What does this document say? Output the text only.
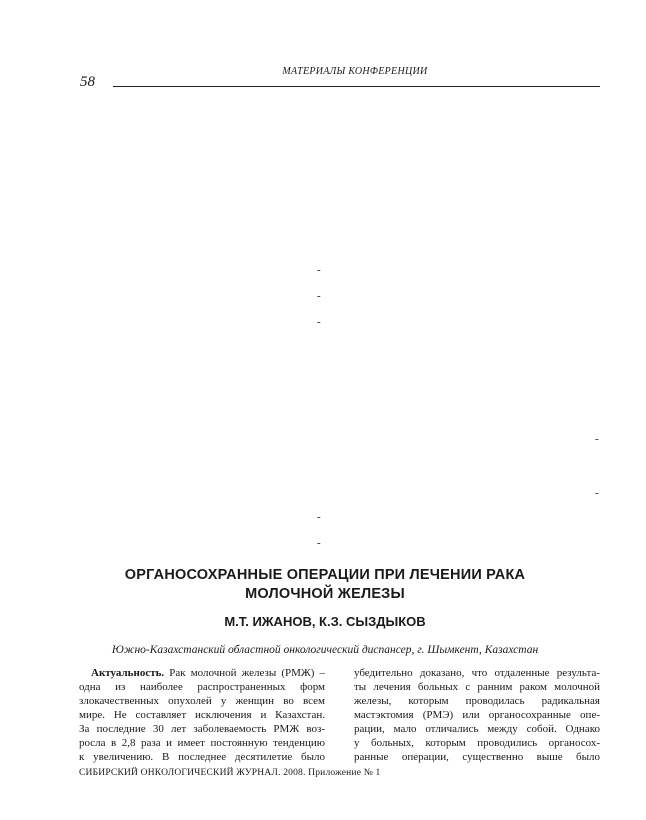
МАТЕРИАЛЫ КОНФЕРЕНЦИИ
58
-
-
-
-
-
-
-
ОРГАНОСОХРАННЫЕ ОПЕРАЦИИ ПРИ ЛЕЧЕНИИ РАКА
МОЛОЧНОЙ ЖЕЛЕЗЫ
М.Т. ИЖАНОВ, К.З. СЫЗДЫКОВ
Южно-Казахстанский областной онкологический диспансер, г. Шымкент, Казахстан
Актуальность. Рак молочной железы (РМЖ) –
одна из наиболее распространенных форм
злокачественных опухолей у женщин во всем
мире. Не составляет исключения и Казахстан.
За последние 30 лет заболеваемость РМЖ воз-
росла в 2,8 раза и имеет постоянную тенденцию
к увеличению. В последнее десятилетие было
убедительно доказано, что отдаленные результа-
ты лечения больных с ранним раком молочной
железы, которым проводилась радикальная
мастэктомия (РМЭ) или органосохранные опе-
рации, мало отличались между собой. Однако
у больных, которым проводились органосох-
ранные операции, существенно выше было
СИБИРСКИЙ ОНКОЛОГИЧЕСКИЙ ЖУРНАЛ. 2008. Приложение № 1
